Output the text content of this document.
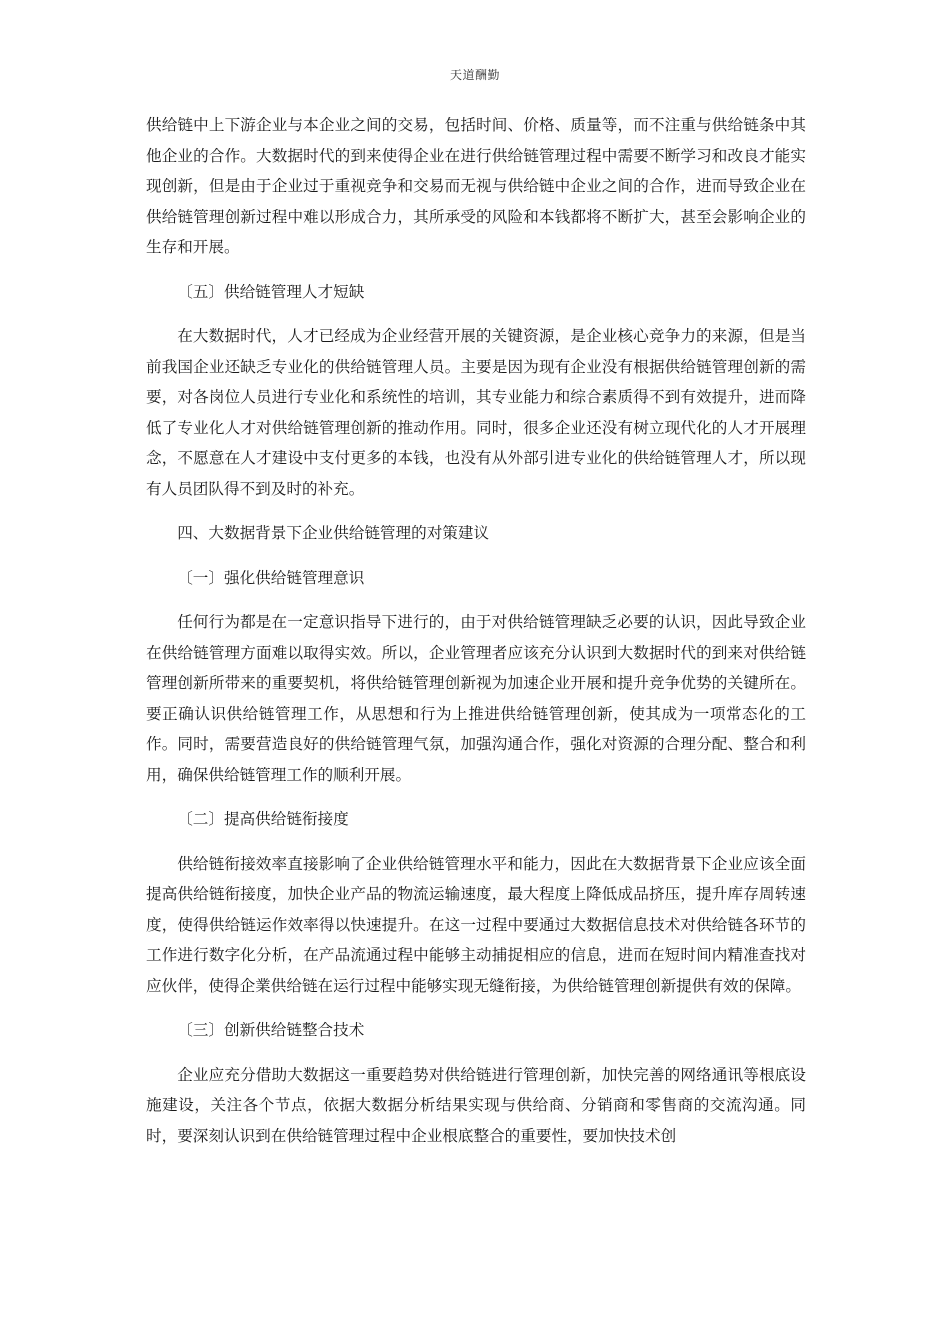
天道酬勤

供给链中上下游企业与本企业之间的交易，包括时间、价格、质量等，而不注重与供给链条中其他企业的合作。大数据时代的到来使得企业在进行供给链管理过程中需要不断学习和改良才能实现创新，但是由于企业过于重视竞争和交易而无视与供给链中企业之间的合作，进而导致企业在供给链管理创新过程中难以形成合力，其所承受的风险和本钱都将不断扩大，甚至会影响企业的生存和开展。

〔五〕供给链管理人才短缺

在大数据时代，人才已经成为企业经营开展的关键资源，是企业核心竞争力的来源，但是当前我国企业还缺乏专业化的供给链管理人员。主要是因为现有企业没有根据供给链管理创新的需要，对各岗位人员进行专业化和系统性的培训，其专业能力和综合素质得不到有效提升，进而降低了专业化人才对供给链管理创新的推动作用。同时，很多企业还没有树立现代化的人才开展理念，不愿意在人才建设中支付更多的本钱，也没有从外部引进专业化的供给链管理人才，所以现有人员团队得不到及时的补充。

四、大数据背景下企业供给链管理的对策建议

〔一〕强化供给链管理意识

任何行为都是在一定意识指导下进行的，由于对供给链管理缺乏必要的认识，因此导致企业在供给链管理方面难以取得实效。所以，企业管理者应该充分认识到大数据时代的到来对供给链管理创新所带来的重要契机，将供给链管理创新视为加速企业开展和提升竞争优势的关键所在。要正确认识供给链管理工作，从思想和行为上推进供给链管理创新，使其成为一项常态化的工作。同时，需要营造良好的供给链管理气氛，加强沟通合作，强化对资源的合理分配、整合和利用，确保供给链管理工作的顺利开展。

〔二〕提高供给链衔接度

供给链衔接效率直接影响了企业供给链管理水平和能力，因此在大数据背景下企业应该全面提高供给链衔接度，加快企业产品的物流运输速度，最大程度上降低成品挤压，提升库存周转速度，使得供给链运作效率得以快速提升。在这一过程中要通过大数据信息技术对供给链各环节的工作进行数字化分析，在产品流通过程中能够主动捕捉相应的信息，进而在短时间内精准查找对应伙伴，使得企業供给链在运行过程中能够实现无缝衔接，为供给链管理创新提供有效的保障。

〔三〕创新供给链整合技术

企业应充分借助大数据这一重要趋势对供给链进行管理创新，加快完善的网络通讯等根底设施建设，关注各个节点，依据大数据分析结果实现与供给商、分销商和零售商的交流沟通。同时，要深刻认识到在供给链管理过程中企业根底整合的重要性，要加快技术创
